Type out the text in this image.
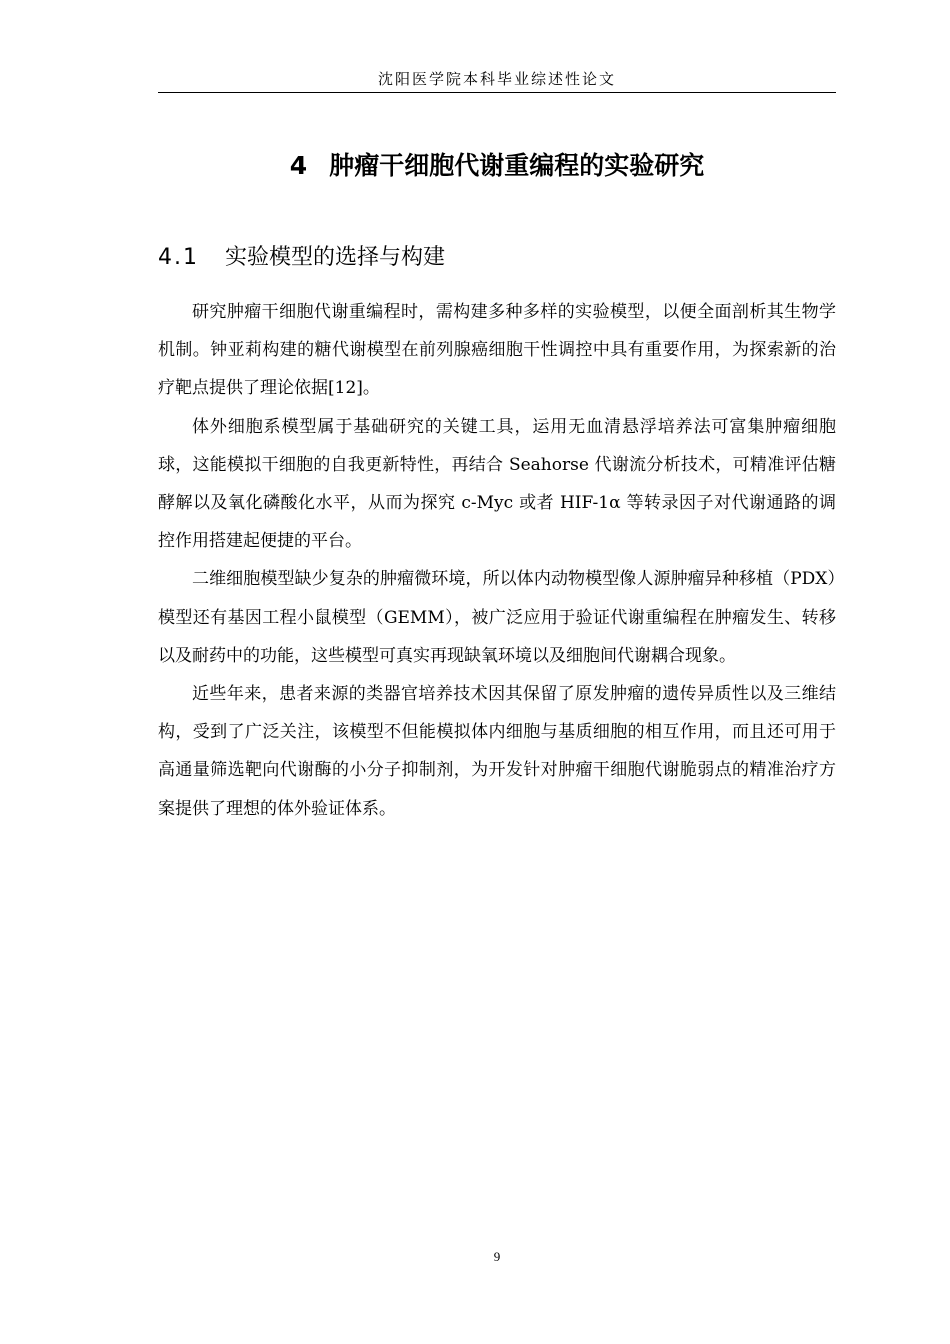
沈阳医学院本科毕业综述性论文
4 肿瘤干细胞代谢重编程的实验研究
4.1 实验模型的选择与构建

研究肿瘤干细胞代谢重编程时，需构建多种多样的实验模型，以便全面剖析其生物学机制。钟亚莉构建的糖代谢模型在前列腺癌细胞干性调控中具有重要作用，为探索新的治疗靶点提供了理论依据[12]。

体外细胞系模型属于基础研究的关键工具，运用无血清悬浮培养法可富集肿瘤细胞球，这能模拟干细胞的自我更新特性，再结合 Seahorse 代谢流分析技术，可精准评估糖酵解以及氧化磷酸化水平，从而为探究 c-Myc 或者 HIF-1α 等转录因子对代谢通路的调控作用搭建起便捷的平台。

二维细胞模型缺少复杂的肿瘤微环境，所以体内动物模型像人源肿瘤异种移植（PDX）模型还有基因工程小鼠模型（GEMM），被广泛应用于验证代谢重编程在肿瘤发生、转移以及耐药中的功能，这些模型可真实再现缺氧环境以及细胞间代谢耦合现象。

近些年来，患者来源的类器官培养技术因其保留了原发肿瘤的遗传异质性以及三维结构，受到了广泛关注，该模型不但能模拟体内细胞与基质细胞的相互作用，而且还可用于高通量筛选靶向代谢酶的小分子抑制剂，为开发针对肿瘤干细胞代谢脆弱点的精准治疗方案提供了理想的体外验证体系。

9
